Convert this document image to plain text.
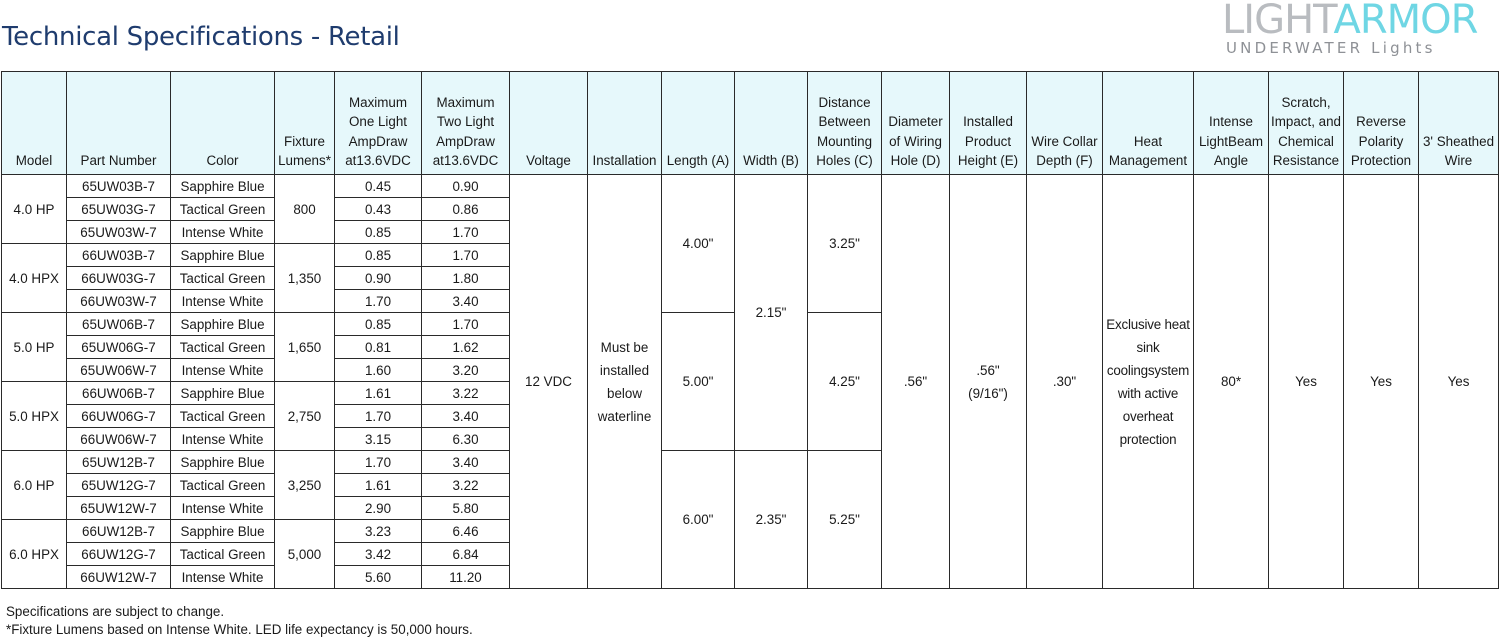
Technical Specifications - Retail	LIGHTARMOR
UNDERWATER Lights
Model	Part Number	Color	Fixture Lumens*	Maximum One Light AmpDraw at13.6VDC	Maximum Two Light AmpDraw at13.6VDC	Voltage	Installation	Length (A)	Width (B)	Distance Between Mounting Holes (C)	Diameter of Wiring Hole (D)	Installed Product Height (E)	Wire Collar Depth (F)	Heat Management	Intense LightBeam Angle	Scratch, Impact, and Chemical Resistance	Reverse Polarity Protection	3' Sheathed Wire
4.0 HP	65UW03B-7	Sapphire Blue	800	0.45	0.90	12 VDC	Must be installed below waterline	4.00"	2.15"	3.25"	.56"	.56" (9/16")	.30"	Exclusive heat sink coolingsystem with active overheat protection	80*	Yes	Yes	Yes
	65UW03G-7	Tactical Green		0.43	0.86													
	65UW03W-7	Intense White		0.85	1.70													
4.0 HPX	66UW03B-7	Sapphire Blue	1,350	0.85	1.70													
	66UW03G-7	Tactical Green		0.90	1.80													
	66UW03W-7	Intense White		1.70	3.40													
5.0 HP	65UW06B-7	Sapphire Blue	1,650	0.85	1.70			5.00"		4.25"								
	65UW06G-7	Tactical Green		0.81	1.62													
	65UW06W-7	Intense White		1.60	3.20													
5.0 HPX	66UW06B-7	Sapphire Blue	2,750	1.61	3.22													
	66UW06G-7	Tactical Green		1.70	3.40													
	66UW06W-7	Intense White		3.15	6.30													
6.0 HP	65UW12B-7	Sapphire Blue	3,250	1.70	3.40			6.00"	2.35"	5.25"								
	65UW12G-7	Tactical Green		1.61	3.22													
	65UW12W-7	Intense White		2.90	5.80													
6.0 HPX	66UW12B-7	Sapphire Blue	5,000	3.23	6.46													
	66UW12G-7	Tactical Green		3.42	6.84													
	66UW12W-7	Intense White		5.60	11.20													
Specifications are subject to change.
*Fixture Lumens based on Intense White. LED life expectancy is 50,000 hours.
